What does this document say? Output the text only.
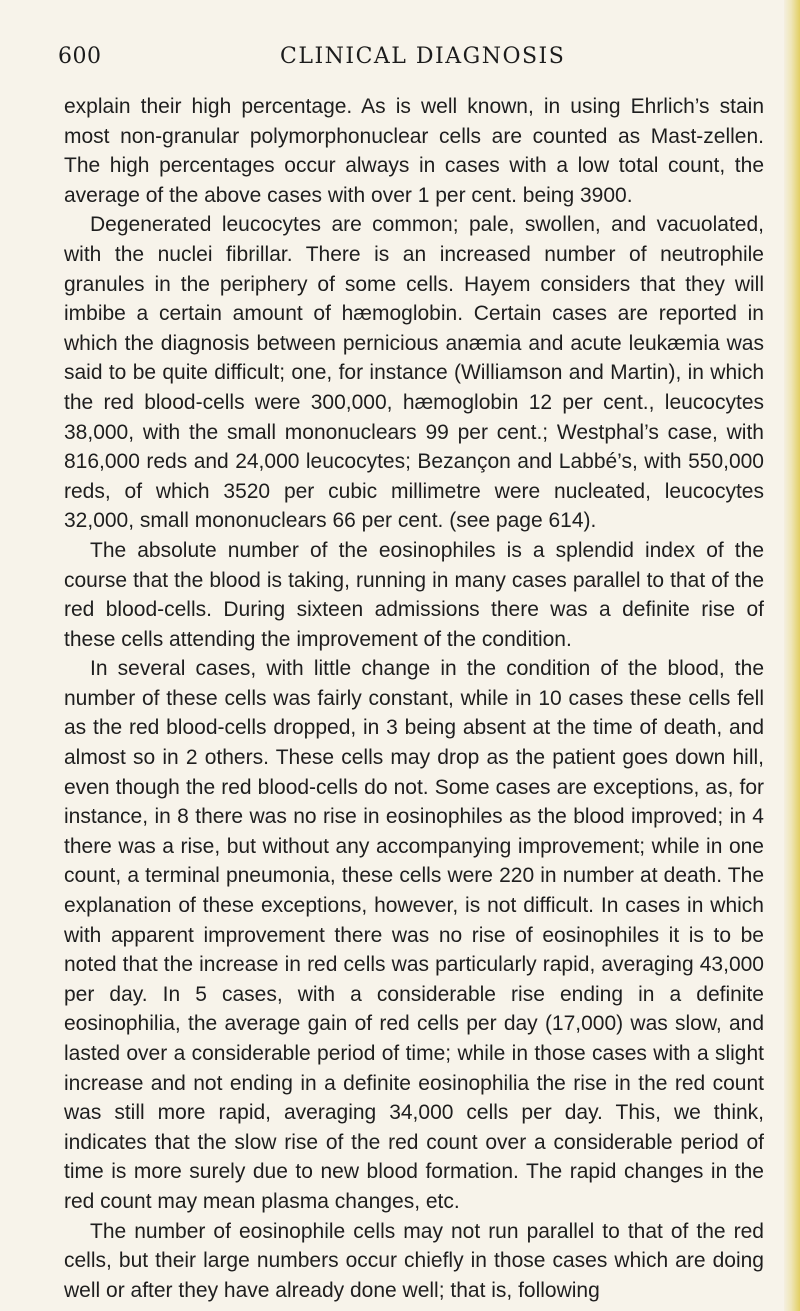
600	CLINICAL DIAGNOSIS

explain their high percentage. As is well known, in using Ehrlich’s stain most non-granular polymorphonuclear cells are counted as Mast-zellen. The high percentages occur always in cases with a low total count, the average of the above cases with over 1 per cent. being 3900.

Degenerated leucocytes are common; pale, swollen, and vacuolated, with the nuclei fibrillar. There is an increased number of neutrophile granules in the periphery of some cells. Hayem considers that they will imbibe a certain amount of hæmoglobin. Certain cases are reported in which the diagnosis between pernicious anæmia and acute leukæmia was said to be quite difficult; one, for instance (Williamson and Martin), in which the red blood-cells were 300,000, hæmoglobin 12 per cent., leucocytes 38,000, with the small mononuclears 99 per cent.; Westphal’s case, with 816,000 reds and 24,000 leucocytes; Bezançon and Labbé’s, with 550,000 reds, of which 3520 per cubic millimetre were nucleated, leucocytes 32,000, small mononuclears 66 per cent. (see page 614).

The absolute number of the eosinophiles is a splendid index of the course that the blood is taking, running in many cases parallel to that of the red blood-cells. During sixteen admissions there was a definite rise of these cells attending the improvement of the condition.

In several cases, with little change in the condition of the blood, the number of these cells was fairly constant, while in 10 cases these cells fell as the red blood-cells dropped, in 3 being absent at the time of death, and almost so in 2 others. These cells may drop as the patient goes down hill, even though the red blood-cells do not. Some cases are exceptions, as, for instance, in 8 there was no rise in eosinophiles as the blood improved; in 4 there was a rise, but without any accompanying improvement; while in one count, a terminal pneumonia, these cells were 220 in number at death. The explanation of these exceptions, however, is not difficult. In cases in which with apparent improvement there was no rise of eosinophiles it is to be noted that the increase in red cells was particularly rapid, averaging 43,000 per day. In 5 cases, with a considerable rise ending in a definite eosinophilia, the average gain of red cells per day (17,000) was slow, and lasted over a considerable period of time; while in those cases with a slight increase and not ending in a definite eosinophilia the rise in the red count was still more rapid, averaging 34,000 cells per day. This, we think, indicates that the slow rise of the red count over a considerable period of time is more surely due to new blood formation. The rapid changes in the red count may mean plasma changes, etc.

The number of eosinophile cells may not run parallel to that of the red cells, but their large numbers occur chiefly in those cases which are doing well or after they have already done well; that is, following
